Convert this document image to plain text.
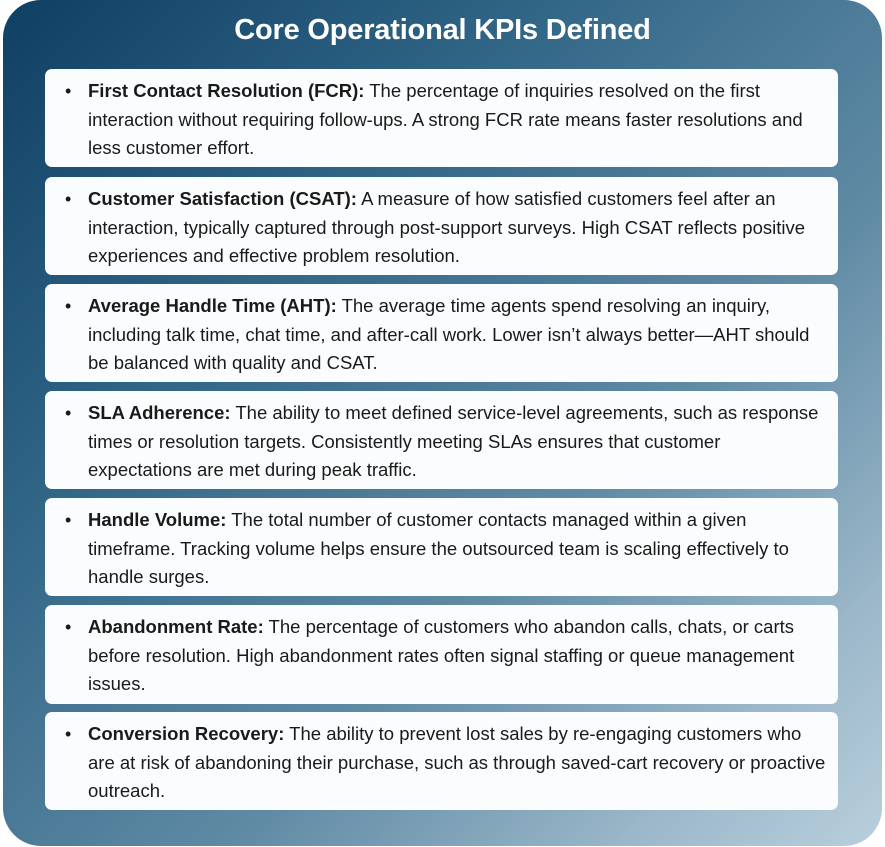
Core Operational KPIs Defined
• First Contact Resolution (FCR): The percentage of inquiries resolved on the first interaction without requiring follow-ups. A strong FCR rate means faster resolutions and less customer effort.
• Customer Satisfaction (CSAT): A measure of how satisfied customers feel after an interaction, typically captured through post-support surveys. High CSAT reflects positive experiences and effective problem resolution.
• Average Handle Time (AHT): The average time agents spend resolving an inquiry, including talk time, chat time, and after-call work. Lower isn’t always better—AHT should be balanced with quality and CSAT.
• SLA Adherence: The ability to meet defined service-level agreements, such as response times or resolution targets. Consistently meeting SLAs ensures that customer expectations are met during peak traffic.
• Handle Volume: The total number of customer contacts managed within a given timeframe. Tracking volume helps ensure the outsourced team is scaling effectively to handle surges.
• Abandonment Rate: The percentage of customers who abandon calls, chats, or carts before resolution. High abandonment rates often signal staffing or queue management issues.
• Conversion Recovery: The ability to prevent lost sales by re-engaging customers who are at risk of abandoning their purchase, such as through saved-cart recovery or proactive outreach.
